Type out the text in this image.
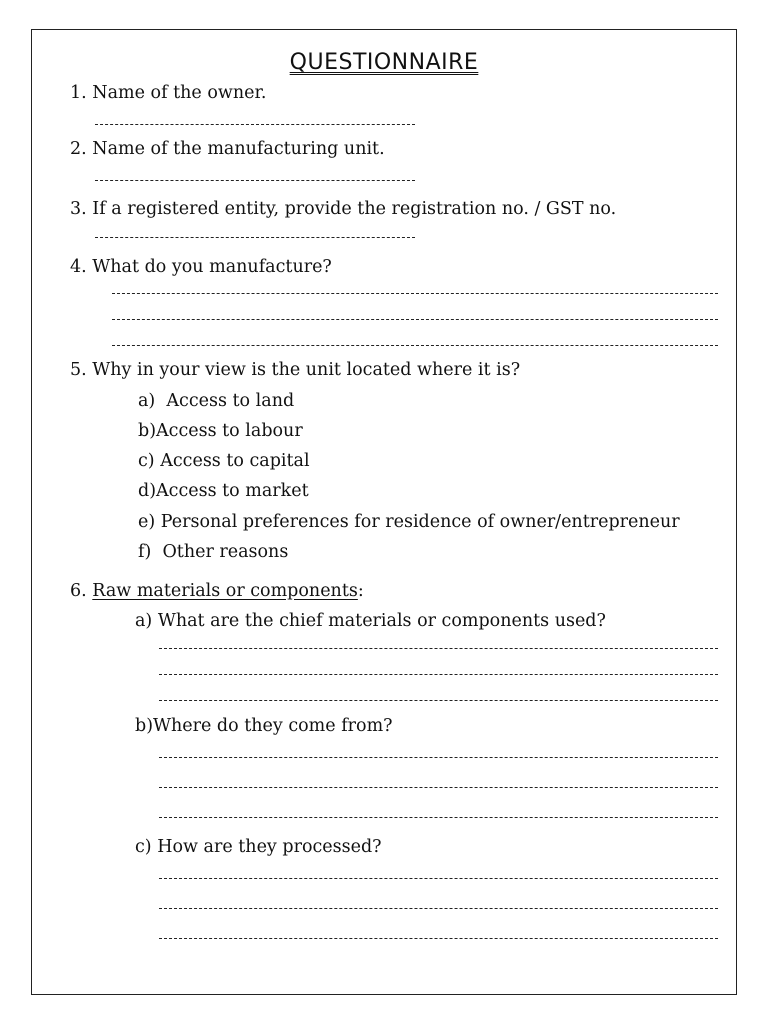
QUESTIONNAIRE
1. Name of the owner.
2. Name of the manufacturing unit.
3. If a registered entity, provide the registration no. / GST no.
4. What do you manufacture?
5. Why in your view is the unit located where it is?
a) Access to land
b)Access to labour
c) Access to capital
d)Access to market
e) Personal preferences for residence of owner/entrepreneur
f) Other reasons
6. Raw materials or components:
a) What are the chief materials or components used?
b)Where do they come from?
c) How are they processed?
